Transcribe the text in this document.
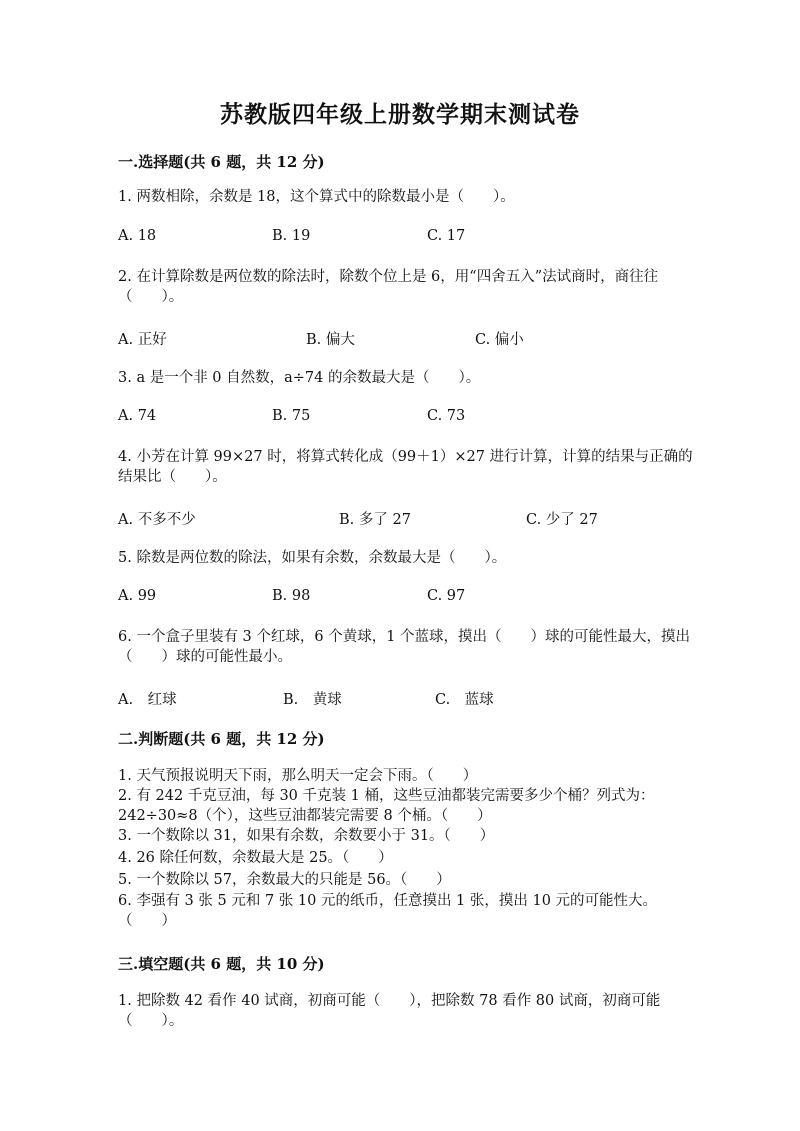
苏教版四年级上册数学期末测试卷
一.选择题(共 6 题，共 12 分)
1. 两数相除，余数是 18，这个算式中的除数最小是（　　）。
A. 18	B. 19	C. 17
2. 在计算除数是两位数的除法时，除数个位上是 6，用“四舍五入”法试商时，商往往（　　）。
A. 正好	B. 偏大	C. 偏小
3. a 是一个非 0 自然数，a÷74 的余数最大是（　　）。
A. 74	B. 75	C. 73
4. 小芳在计算 99×27 时，将算式转化成（99＋1）×27 进行计算，计算的结果与正确的结果比（　　）。
A. 不多不少	B. 多了 27	C. 少了 27
5. 除数是两位数的除法，如果有余数，余数最大是（　　）。
A. 99	B. 98	C. 97
6. 一个盒子里装有 3 个红球，6 个黄球，1 个蓝球，摸出（　　）球的可能性最大，摸出（　　）球的可能性最小。
A.　红球	B.　黄球	C.　蓝球
二.判断题(共 6 题，共 12 分)
1. 天气预报说明天下雨，那么明天一定会下雨。（　　）
2. 有 242 千克豆油，每 30 千克装 1 桶，这些豆油都装完需要多少个桶？列式为：242÷30≈8（个），这些豆油都装完需要 8 个桶。（　　）
3. 一个数除以 31，如果有余数，余数要小于 31。（　　）
4. 26 除任何数，余数最大是 25。（　　）
5. 一个数除以 57，余数最大的只能是 56。（　　）
6. 李强有 3 张 5 元和 7 张 10 元的纸币，任意摸出 1 张，摸出 10 元的可能性大。　　（　　）
三.填空题(共 6 题，共 10 分)
1. 把除数 42 看作 40 试商，初商可能（　　），把除数 78 看作 80 试商，初商可能（　　）。
